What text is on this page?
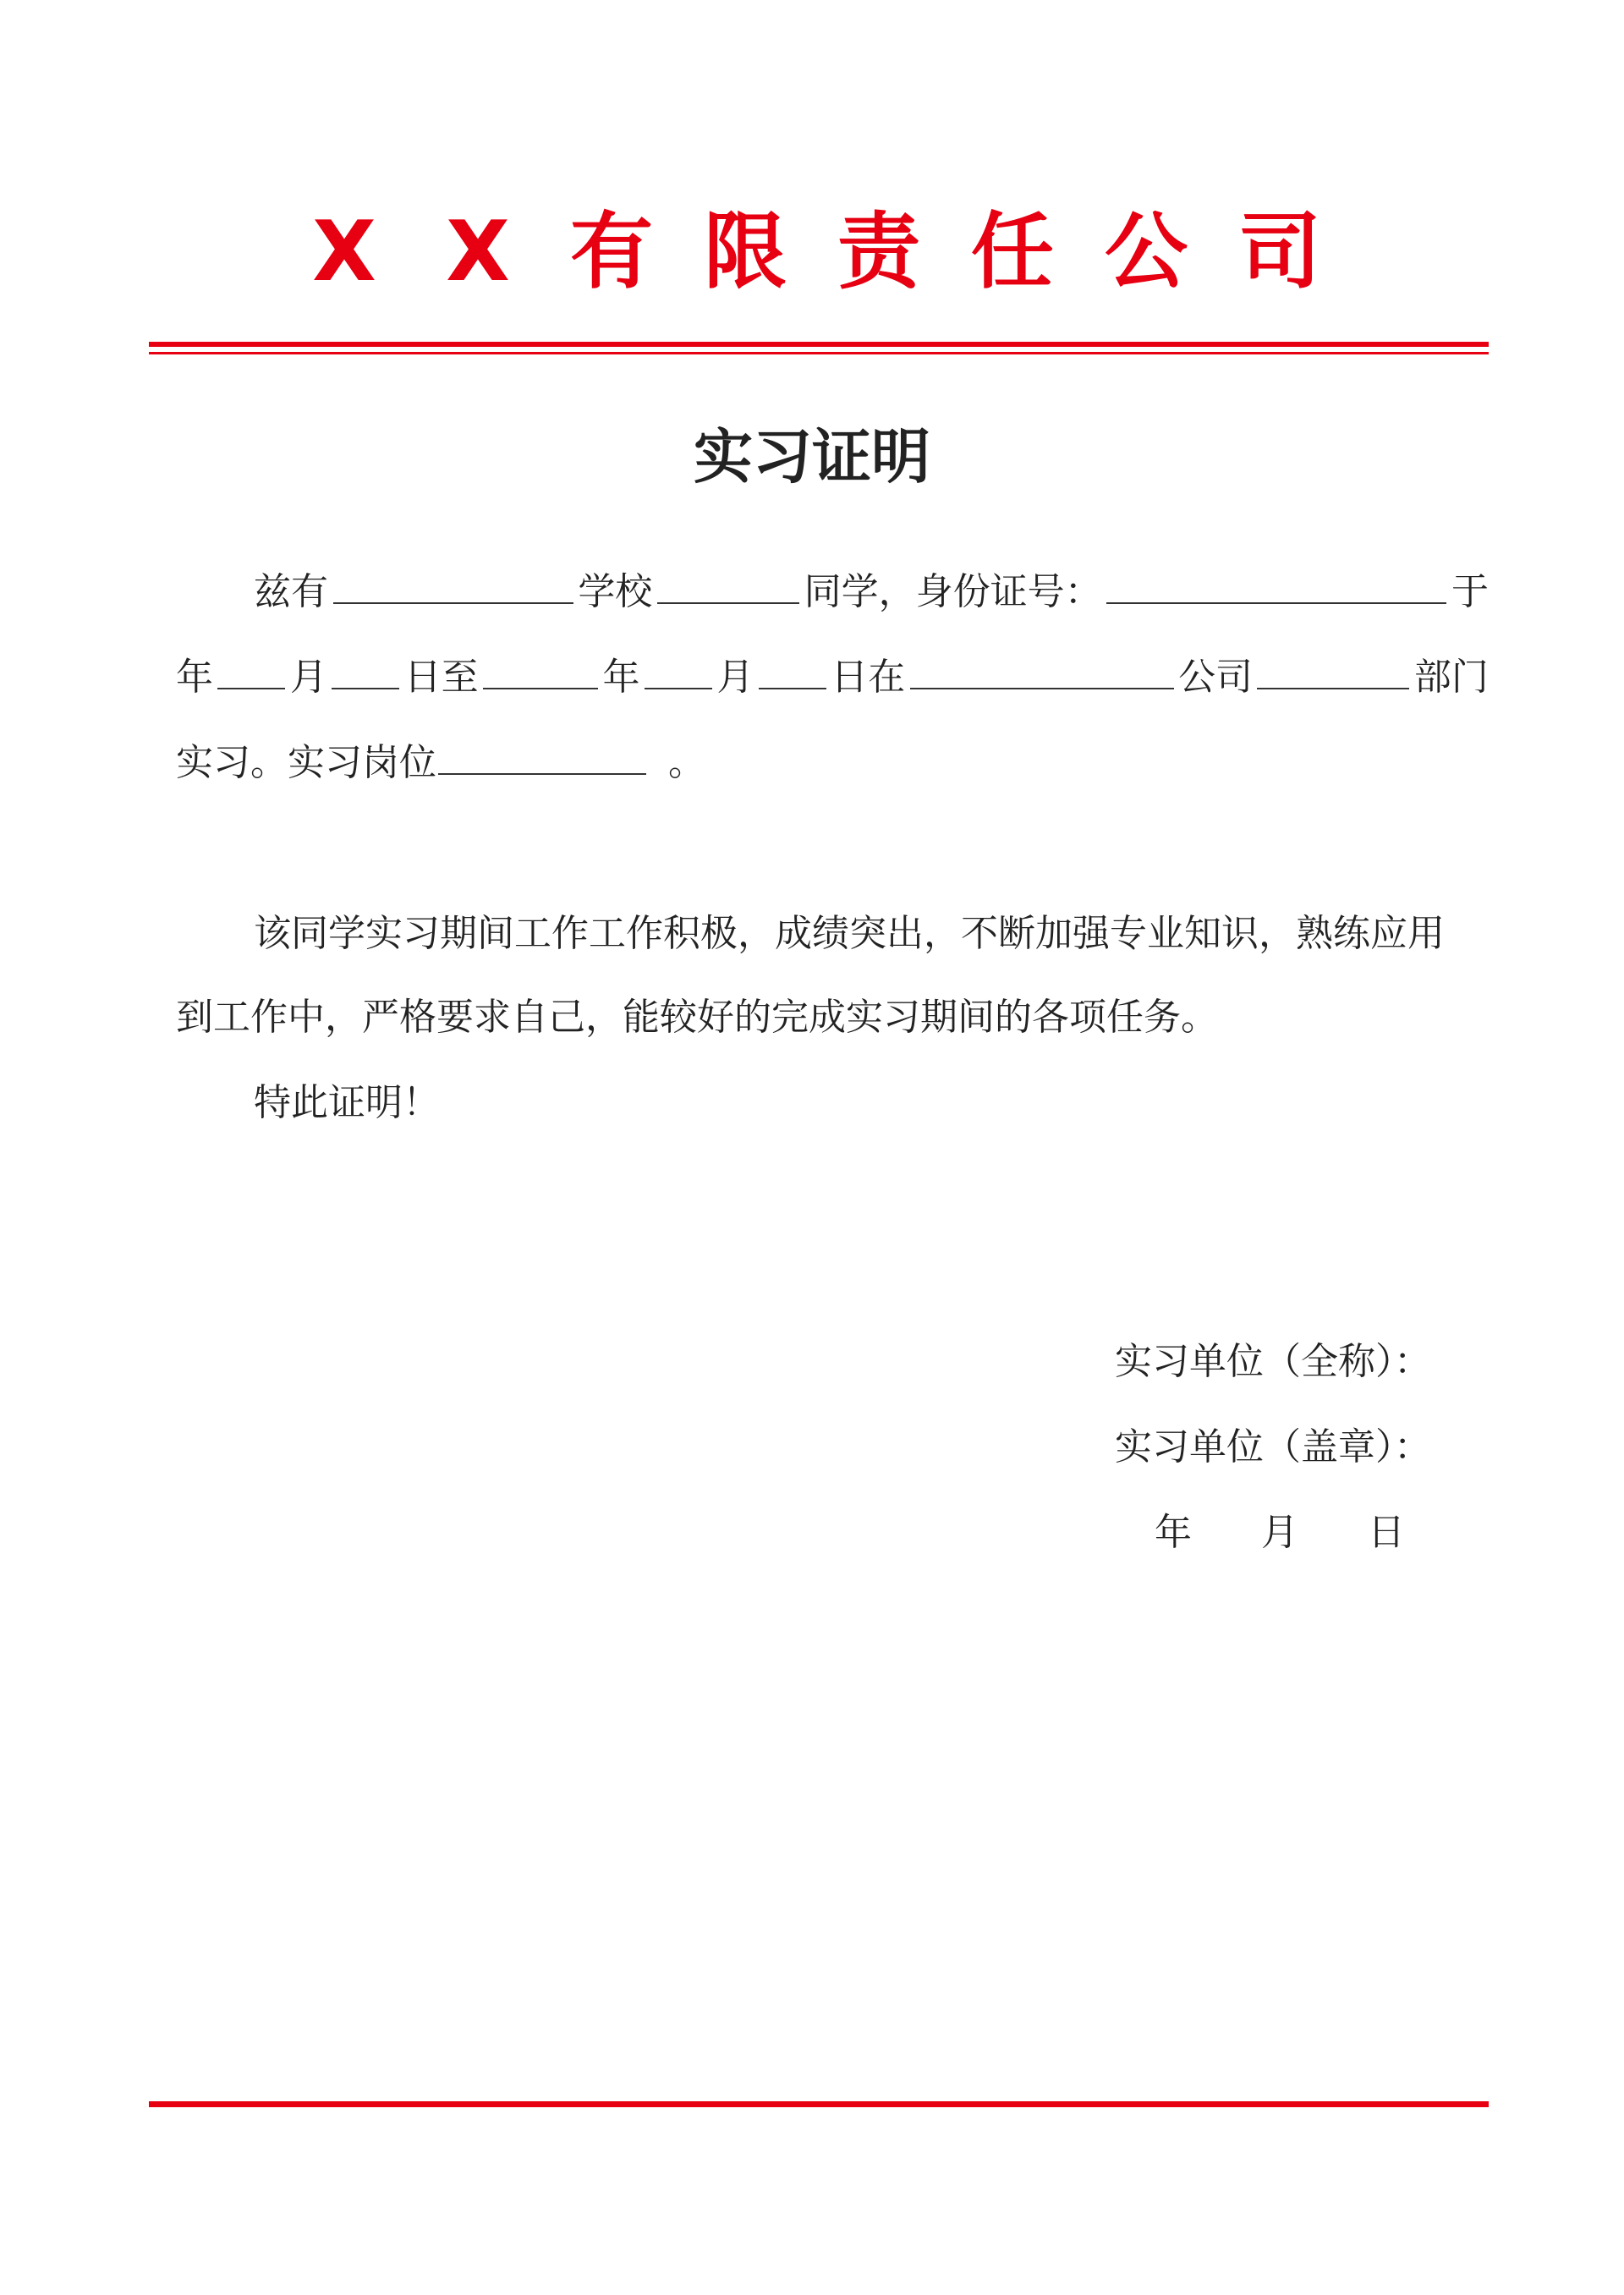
X X 有 限 责 任 公 司
实习证明
兹有	学校	同学，身份证号：	于
年 月 日至	年 月 日在	公司	部门
实习。实习岗位	。
该同学实习期间工作工作积极，成绩突出，不断加强专业知识，熟练应用
到工作中，严格要求自己，能较好的完成实习期间的各项任务。
特此证明！
实习单位（全称）：
实习单位（盖章）：
年 月 日
